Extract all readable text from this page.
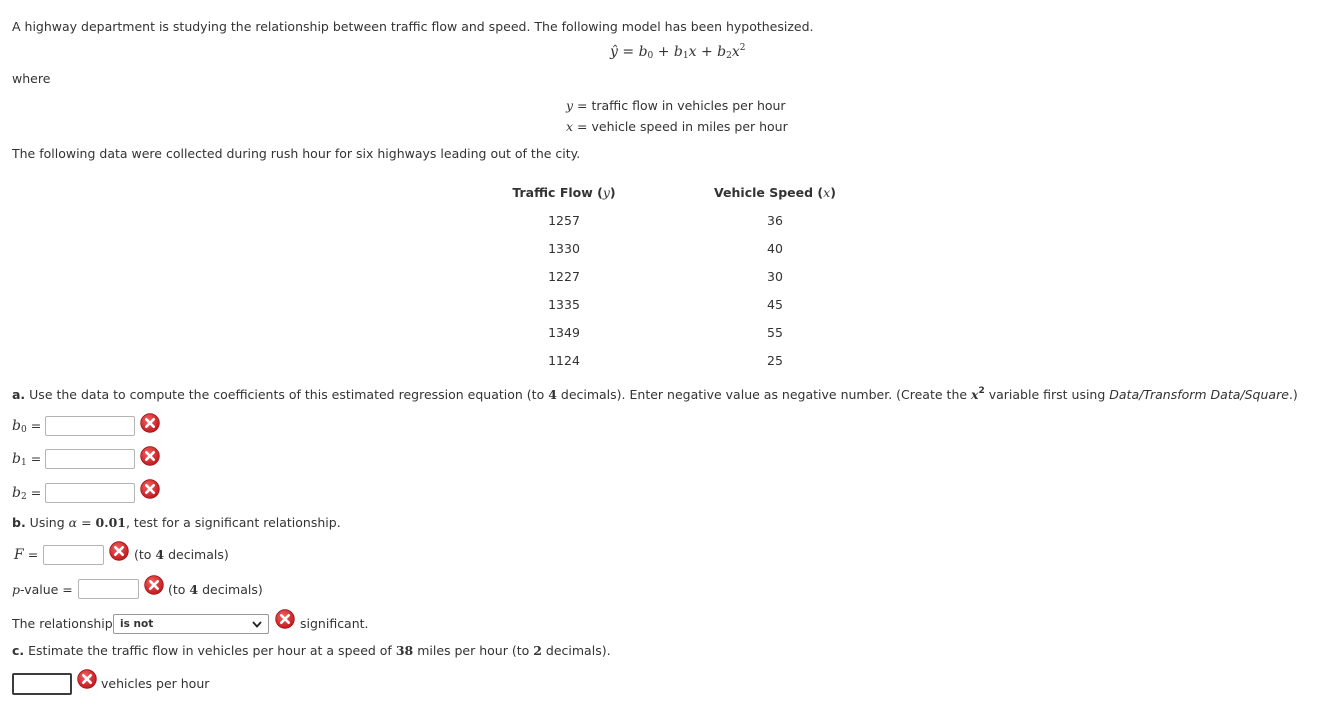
A highway department is studying the relationship between traffic flow and speed. The following model has been hypothesized.
ŷ = $b_0 + b_1x + b_2x^2$
where
y = traffic flow in vehicles per hour
x = vehicle speed in miles per hour
The following data were collected during rush hour for six highways leading out of the city.
Traffic Flow (y)	Vehicle Speed (x)
1257	36
1330	40
1227	30
1335	45
1349	55
1124	25
a. Use the data to compute the coefficients of this estimated regression equation (to 4 decimals). Enter negative value as negative number. (Create the $x^2$ variable first using Data/Transform Data/Square.)
$b_0$ =
$b_1$ =
$b_2$ =
b. Using α = 0.01, test for a significant relationship.
F =	(to 4 decimals)
p-value =	(to 4 decimals)
The relationship is not	significant.
c. Estimate the traffic flow in vehicles per hour at a speed of 38 miles per hour (to 2 decimals).
vehicles per hour
